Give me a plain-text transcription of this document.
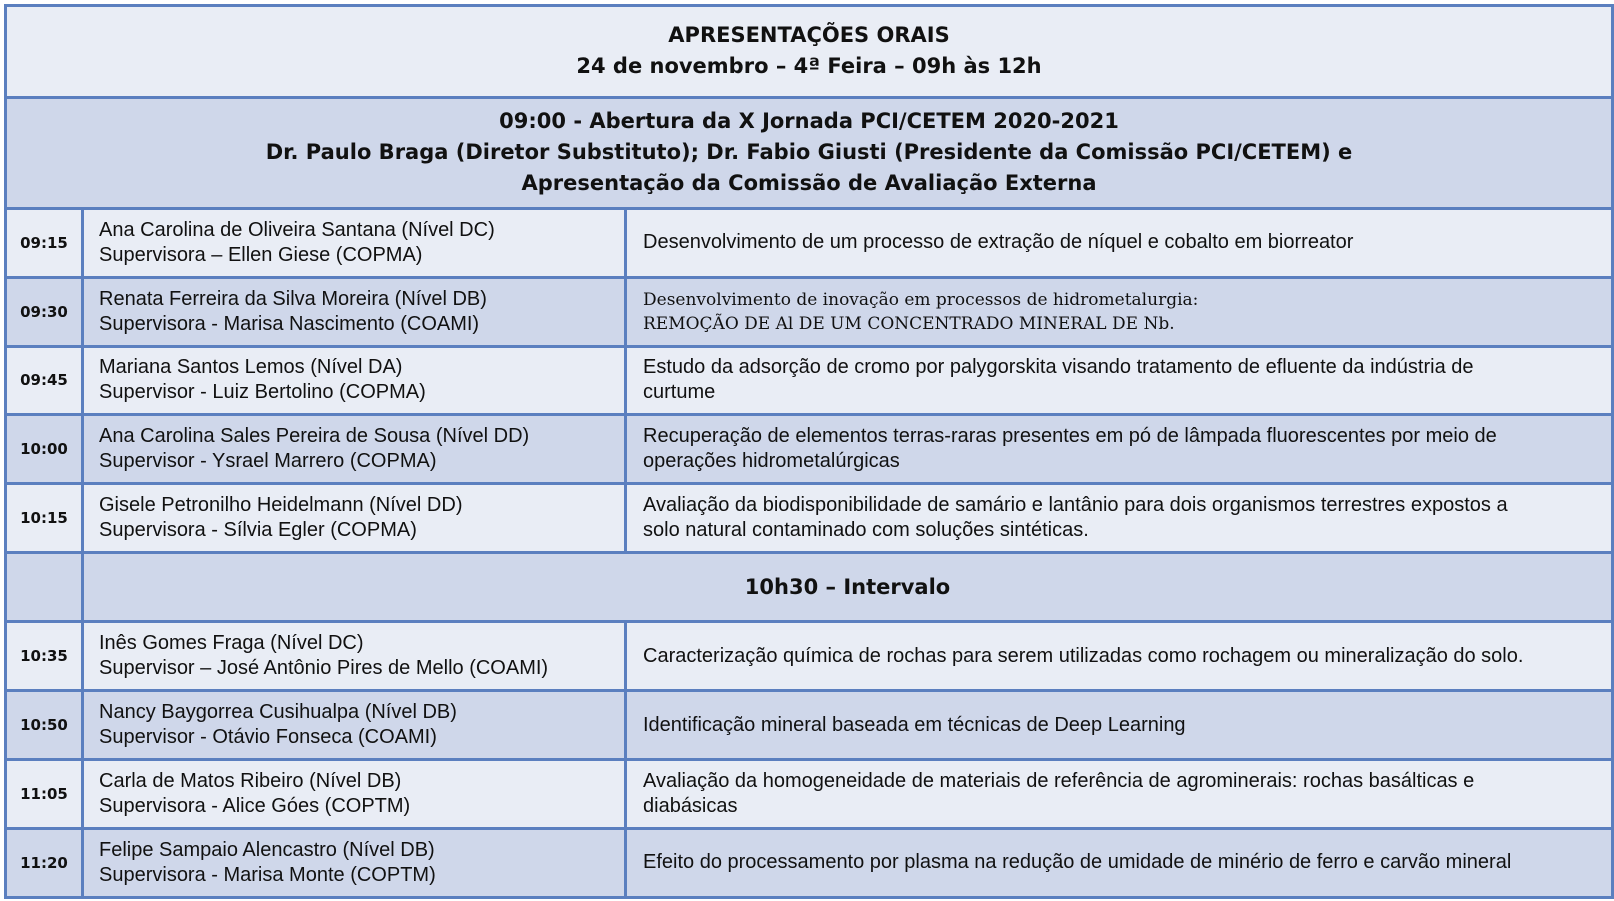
APRESENTAÇÕES ORAIS
24 de novembro – 4ª Feira – 09h às 12h		

09:00 - Abertura da X Jornada PCI/CETEM 2020-2021
Dr. Paulo Braga (Diretor Substituto); Dr. Fabio Giusti (Presidente da Comissão PCI/CETEM) e
Apresentação da Comissão de Avaliação Externa		

09:15	Ana Carolina de Oliveira Santana (Nível DC)
Supervisora – Ellen Giese (COPMA)	Desenvolvimento de um processo de extração de níquel e cobalto em biorreator

09:30	Renata Ferreira da Silva Moreira (Nível DB)
Supervisora - Marisa Nascimento (COAMI)	Desenvolvimento de inovação em processos de hidrometalurgia:
REMOÇÃO DE Al DE UM CONCENTRADO MINERAL DE Nb.

09:45	Mariana Santos Lemos (Nível DA)
Supervisor - Luiz Bertolino (COPMA)	Estudo da adsorção de cromo por palygorskita visando tratamento de efluente da indústria de
curtume

10:00	Ana Carolina Sales Pereira de Sousa (Nível DD)
Supervisor - Ysrael Marrero (COPMA)	Recuperação de elementos terras-raras presentes em pó de lâmpada fluorescentes por meio de
operações hidrometalúrgicas

10:15	Gisele Petronilho Heidelmann (Nível DD)
Supervisora - Sílvia Egler (COPMA)	Avaliação da biodisponibilidade de samário e lantânio para dois organismos terrestres expostos a
solo natural contaminado com soluções sintéticas.

	10h30 – Intervalo	
10:35	Inês Gomes Fraga (Nível DC)
Supervisor – José Antônio Pires de Mello (COAMI)	Caracterização química de rochas para serem utilizadas como rochagem ou mineralização do solo.

10:50	Nancy Baygorrea Cusihualpa (Nível DB)
Supervisor - Otávio Fonseca (COAMI)	Identificação mineral baseada em técnicas de Deep Learning

11:05	Carla de Matos Ribeiro (Nível DB)
Supervisora - Alice Góes (COPTM)	Avaliação da homogeneidade de materiais de referência de agrominerais: rochas basálticas e
diabásicas

11:20	Felipe Sampaio Alencastro (Nível DB)
Supervisora - Marisa Monte (COPTM)	Efeito do processamento por plasma na redução de umidade de minério de ferro e carvão mineral
